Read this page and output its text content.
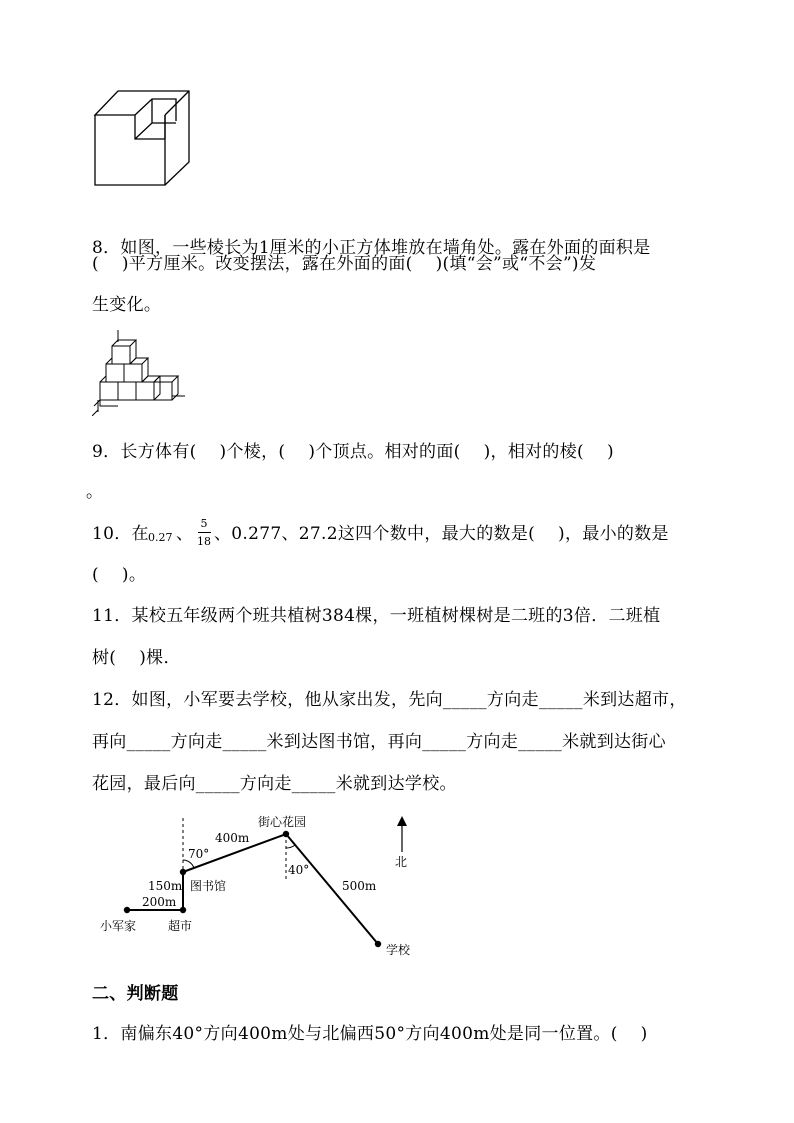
8．如图，一些棱长为1厘米的小正方体堆放在墙角处。露在外面的面积是
(　 )平方厘米。改变摆法，露在外面的面(　 )(填“会”或“不会”)发
生变化。
9．长方体有(　 )个棱，(　 )个顶点。相对的面(　 )，相对的棱(　 )
。
10．在 0.27 、
5
18 、0.277、27.2这四个数中，最大的数是(　 )，最小的数是
(　 )。
11．某校五年级两个班共植树384棵，一班植树棵树是二班的3倍．二班植
树(　 )棵．
12．如图，小军要去学校，他从家出发，先向_____方向走_____米到达超市，
再向_____方向走_____米到达图书馆，再向_____方向走_____米就到达街心
花园，最后向_____方向走_____米就到达学校。
小军家	超市
图书馆
街心花园
学校
北
200m
150m
400m
500m
70°
40°
二、判断题
1．南偏东40°方向400m处与北偏西50°方向400m处是同一位置。(　 )
